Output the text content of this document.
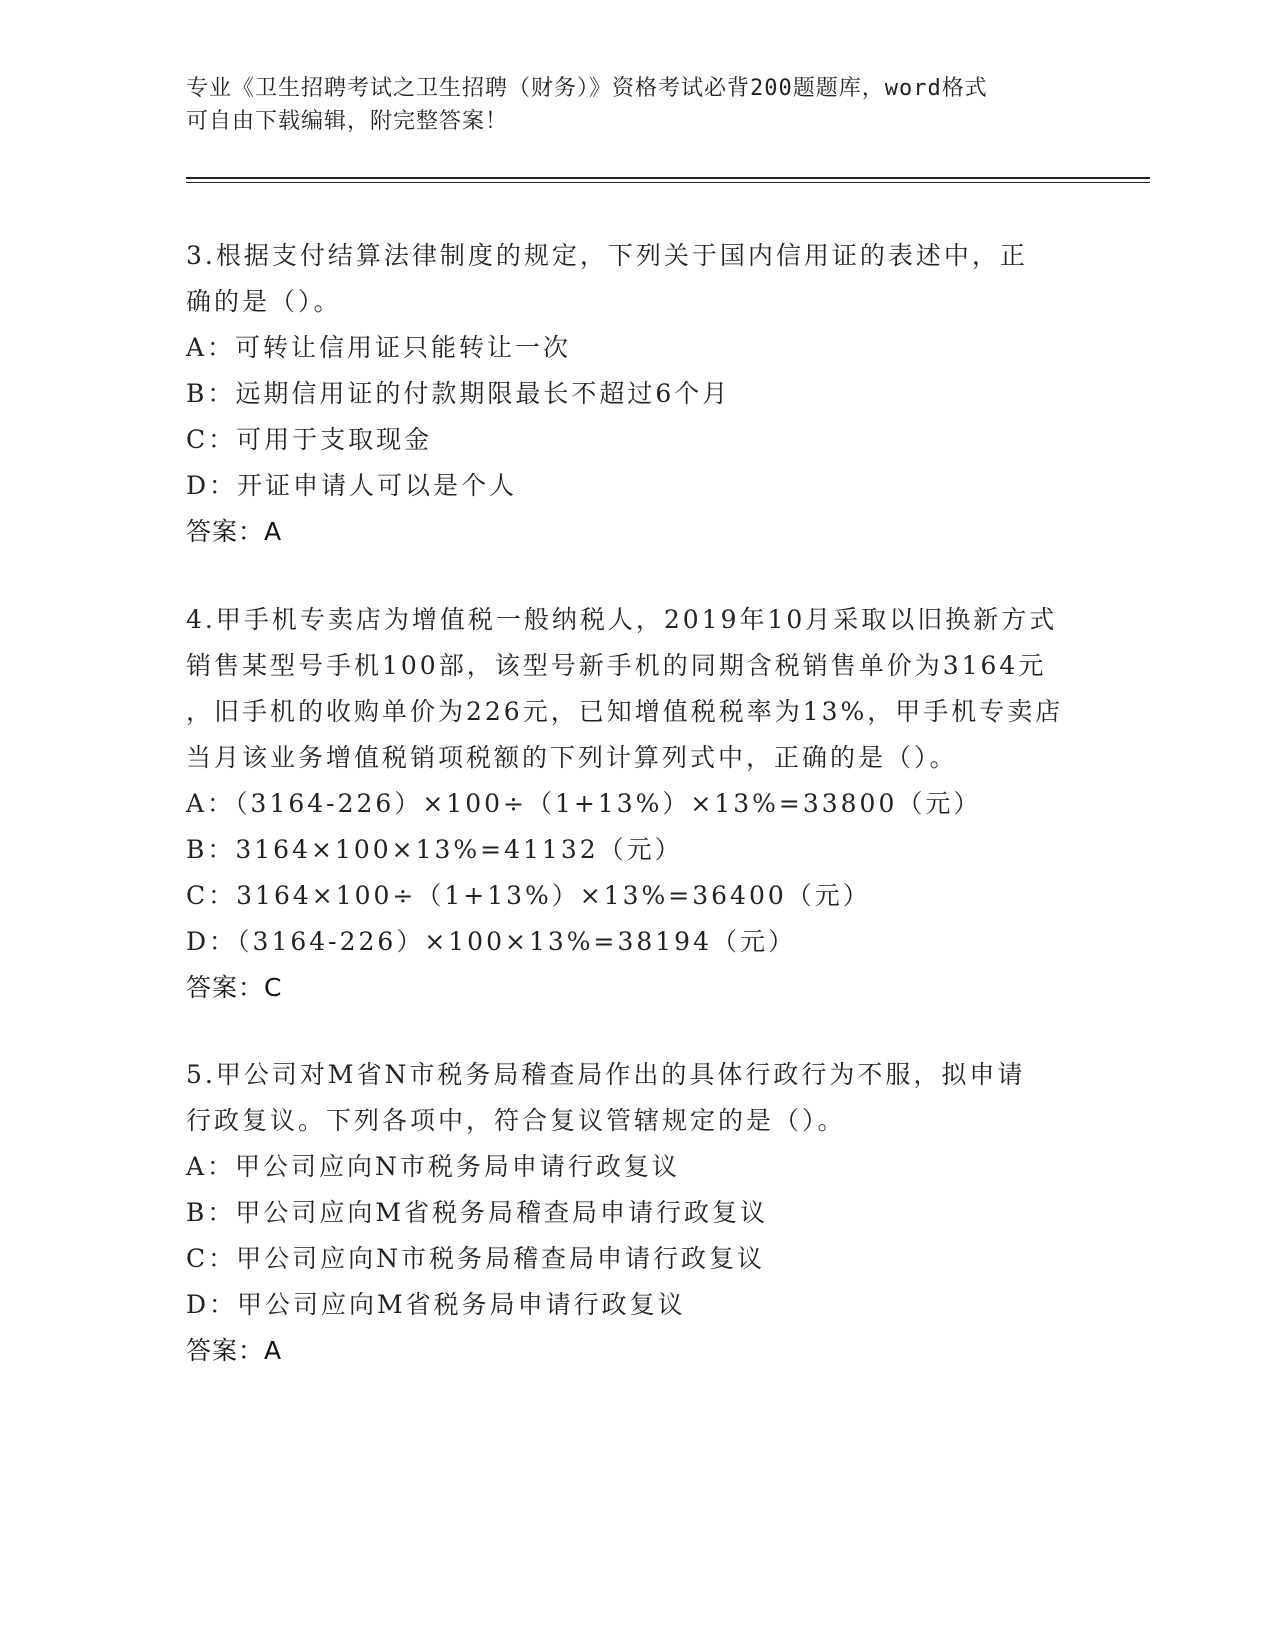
专业《卫生招聘考试之卫生招聘（财务）》资格考试必背200题题库，word格式
可自由下载编辑，附完整答案！
3.根据支付结算法律制度的规定，下列关于国内信用证的表述中，正
确的是（）。
A：可转让信用证只能转让一次
B：远期信用证的付款期限最长不超过6个月
C：可用于支取现金
D：开证申请人可以是个人
答案：A
4.甲手机专卖店为增值税一般纳税人，2019年10月采取以旧换新方式
销售某型号手机100部，该型号新手机的同期含税销售单价为3164元
，旧手机的收购单价为226元，已知增值税税率为13%，甲手机专卖店
当月该业务增值税销项税额的下列计算列式中，正确的是（）。
A：（3164-226）×100÷（1+13%）×13%=33800（元）
B：3164×100×13%=41132（元）
C：3164×100÷（1+13%）×13%=36400（元）
D：（3164-226）×100×13%=38194（元）
答案：C
5.甲公司对M省N市税务局稽查局作出的具体行政行为不服，拟申请
行政复议。下列各项中，符合复议管辖规定的是（）。
A：甲公司应向N市税务局申请行政复议
B：甲公司应向M省税务局稽查局申请行政复议
C：甲公司应向N市税务局稽查局申请行政复议
D：甲公司应向M省税务局申请行政复议
答案：A
